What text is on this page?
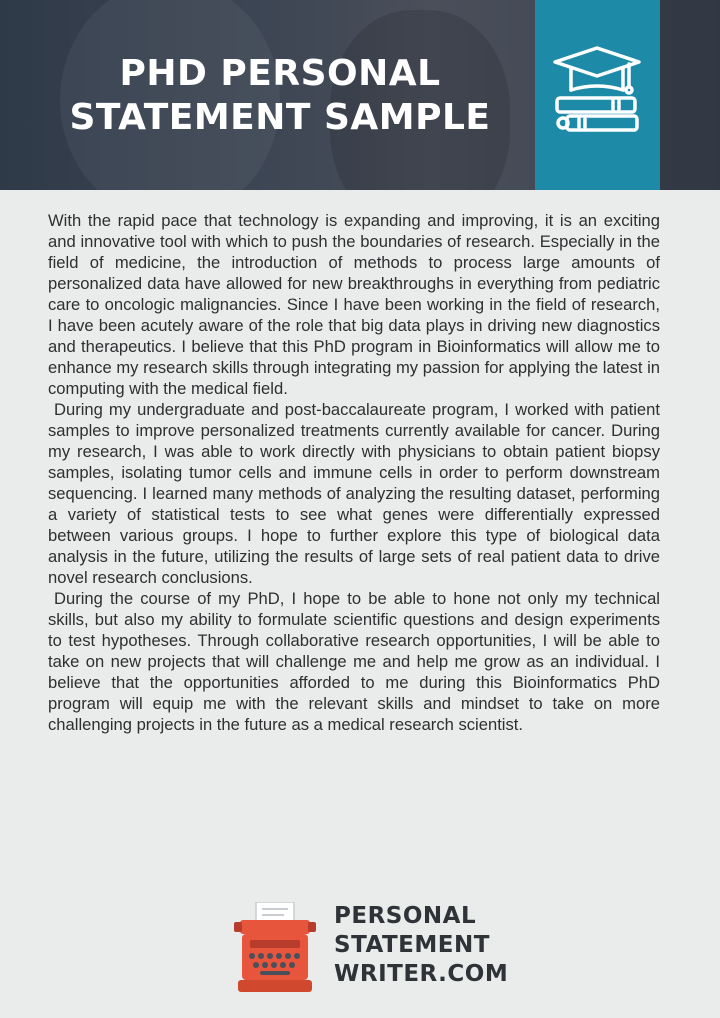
PHD PERSONAL
STATEMENT SAMPLE

With the rapid pace that technology is expanding and improving, it is an exciting and innovative tool with which to push the boundaries of research. Especially in the field of medicine, the introduction of methods to process large amounts of personalized data have allowed for new breakthroughs in everything from pediatric care to oncologic malignancies. Since I have been working in the field of research, I have been acutely aware of the role that big data plays in driving new diagnostics and therapeutics. I believe that this PhD program in Bioinformatics will allow me to enhance my research skills through integrating my passion for applying the latest in computing with the medical field.

During my undergraduate and post-baccalaureate program, I worked with patient samples to improve personalized treatments currently available for cancer. During my research, I was able to work directly with physicians to obtain patient biopsy samples, isolating tumor cells and immune cells in order to perform downstream sequencing. I learned many methods of analyzing the resulting dataset, performing a variety of statistical tests to see what genes were differentially expressed between various groups. I hope to further explore this type of biological data analysis in the future, utilizing the results of large sets of real patient data to drive novel research conclusions.

During the course of my PhD, I hope to be able to hone not only my technical skills, but also my ability to formulate scientific questions and design experiments to test hypotheses. Through collaborative research opportunities, I will be able to take on new projects that will challenge me and help me grow as an individual. I believe that the opportunities afforded to me during this Bioinformatics PhD program will equip me with the relevant skills and mindset to take on more challenging projects in the future as a medical research scientist.

PERSONAL
STATEMENT
WRITER.COM
